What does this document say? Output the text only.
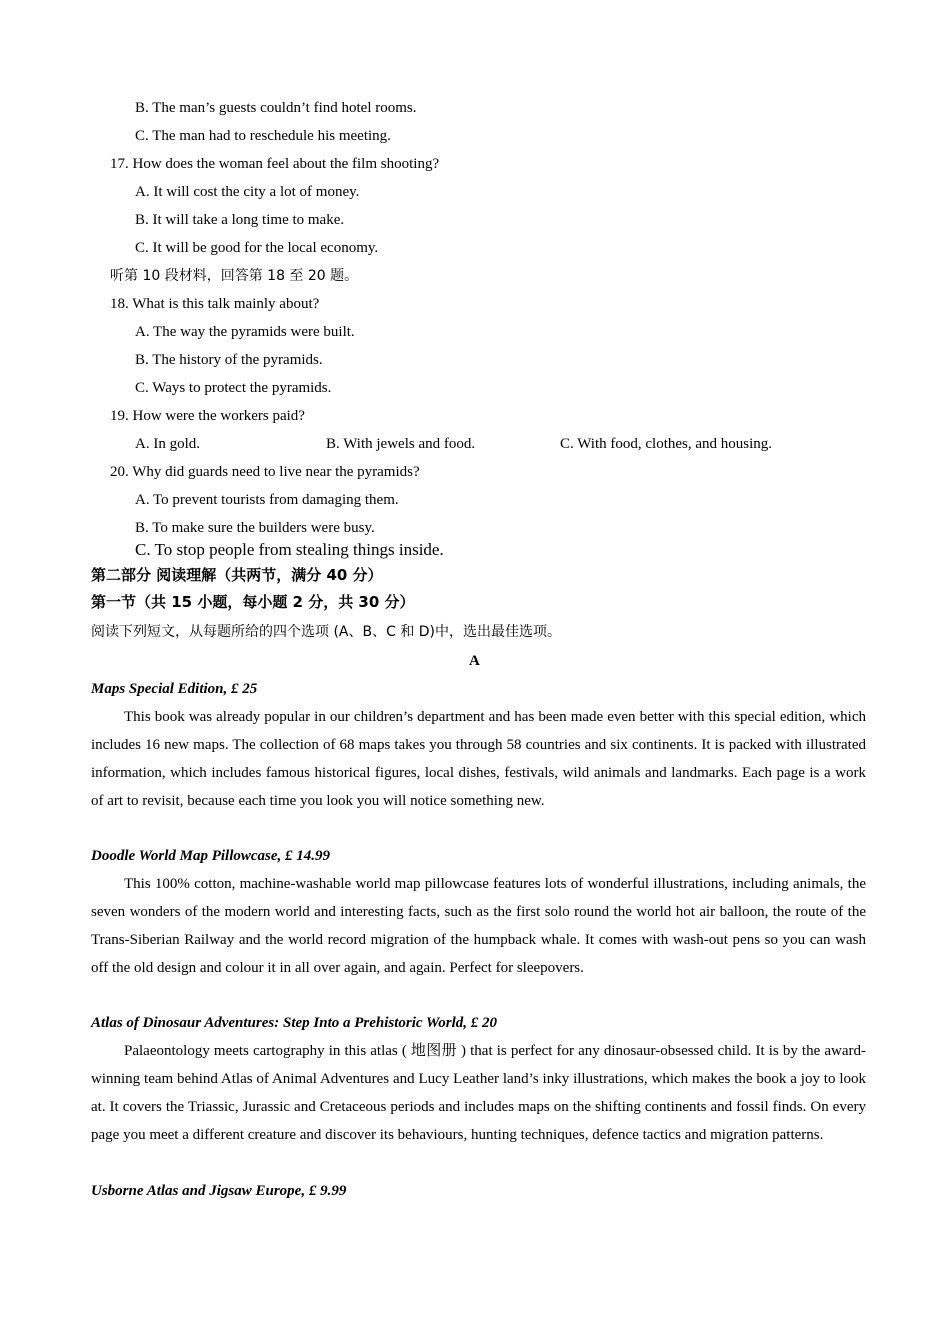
B. The man’s guests couldn’t find hotel rooms.
C. The man had to reschedule his meeting.
17. How does the woman feel about the film shooting?
A. It will cost the city a lot of money.
B. It will take a long time to make.
C. It will be good for the local economy.
听第 10 段材料，回答第 18 至 20 题。
18. What is this talk mainly about?
A. The way the pyramids were built.
B. The history of the pyramids.
C. Ways to protect the pyramids.
19. How were the workers paid?
A. In gold.	B. With jewels and food.	C. With food, clothes, and housing.
20. Why did guards need to live near the pyramids?
A. To prevent tourists from damaging them.
B. To make sure the builders were busy.
C. To stop people from stealing things inside.
第二部分 阅读理解（共两节，满分 40 分）
第一节（共 15 小题，每小题 2 分，共 30 分）
阅读下列短文，从每题所给的四个选项 (A、B、C 和 D)中，选出最佳选项。
A
Maps Special Edition, £ 25
This book was already popular in our children’s department and has been made even better with this special edition, which includes 16 new maps. The collection of 68 maps takes you through 58 countries and six continents. It is packed with illustrated information, which includes famous historical figures, local dishes, festivals, wild animals and landmarks. Each page is a work of art to revisit, because each time you look you will notice something new.
Doodle World Map Pillowcase, £ 14.99
This 100% cotton, machine-washable world map pillowcase features lots of wonderful illustrations, including animals, the seven wonders of the modern world and interesting facts, such as the first solo round the world hot air balloon, the route of the Trans-Siberian Railway and the world record migration of the humpback whale. It comes with wash-out pens so you can wash off the old design and colour it in all over again, and again. Perfect for sleepovers.
Atlas of Dinosaur Adventures: Step Into a Prehistoric World, £ 20
Palaeontology meets cartography in this atlas ( 地图册 ) that is perfect for any dinosaur-obsessed child. It is by the award-winning team behind Atlas of Animal Adventures and Lucy Leather land’s inky illustrations, which makes the book a joy to look at. It covers the Triassic, Jurassic and Cretaceous periods and includes maps on the shifting continents and fossil finds. On every page you meet a different creature and discover its behaviours, hunting techniques, defence tactics and migration patterns.
Usborne Atlas and Jigsaw Europe, £ 9.99
